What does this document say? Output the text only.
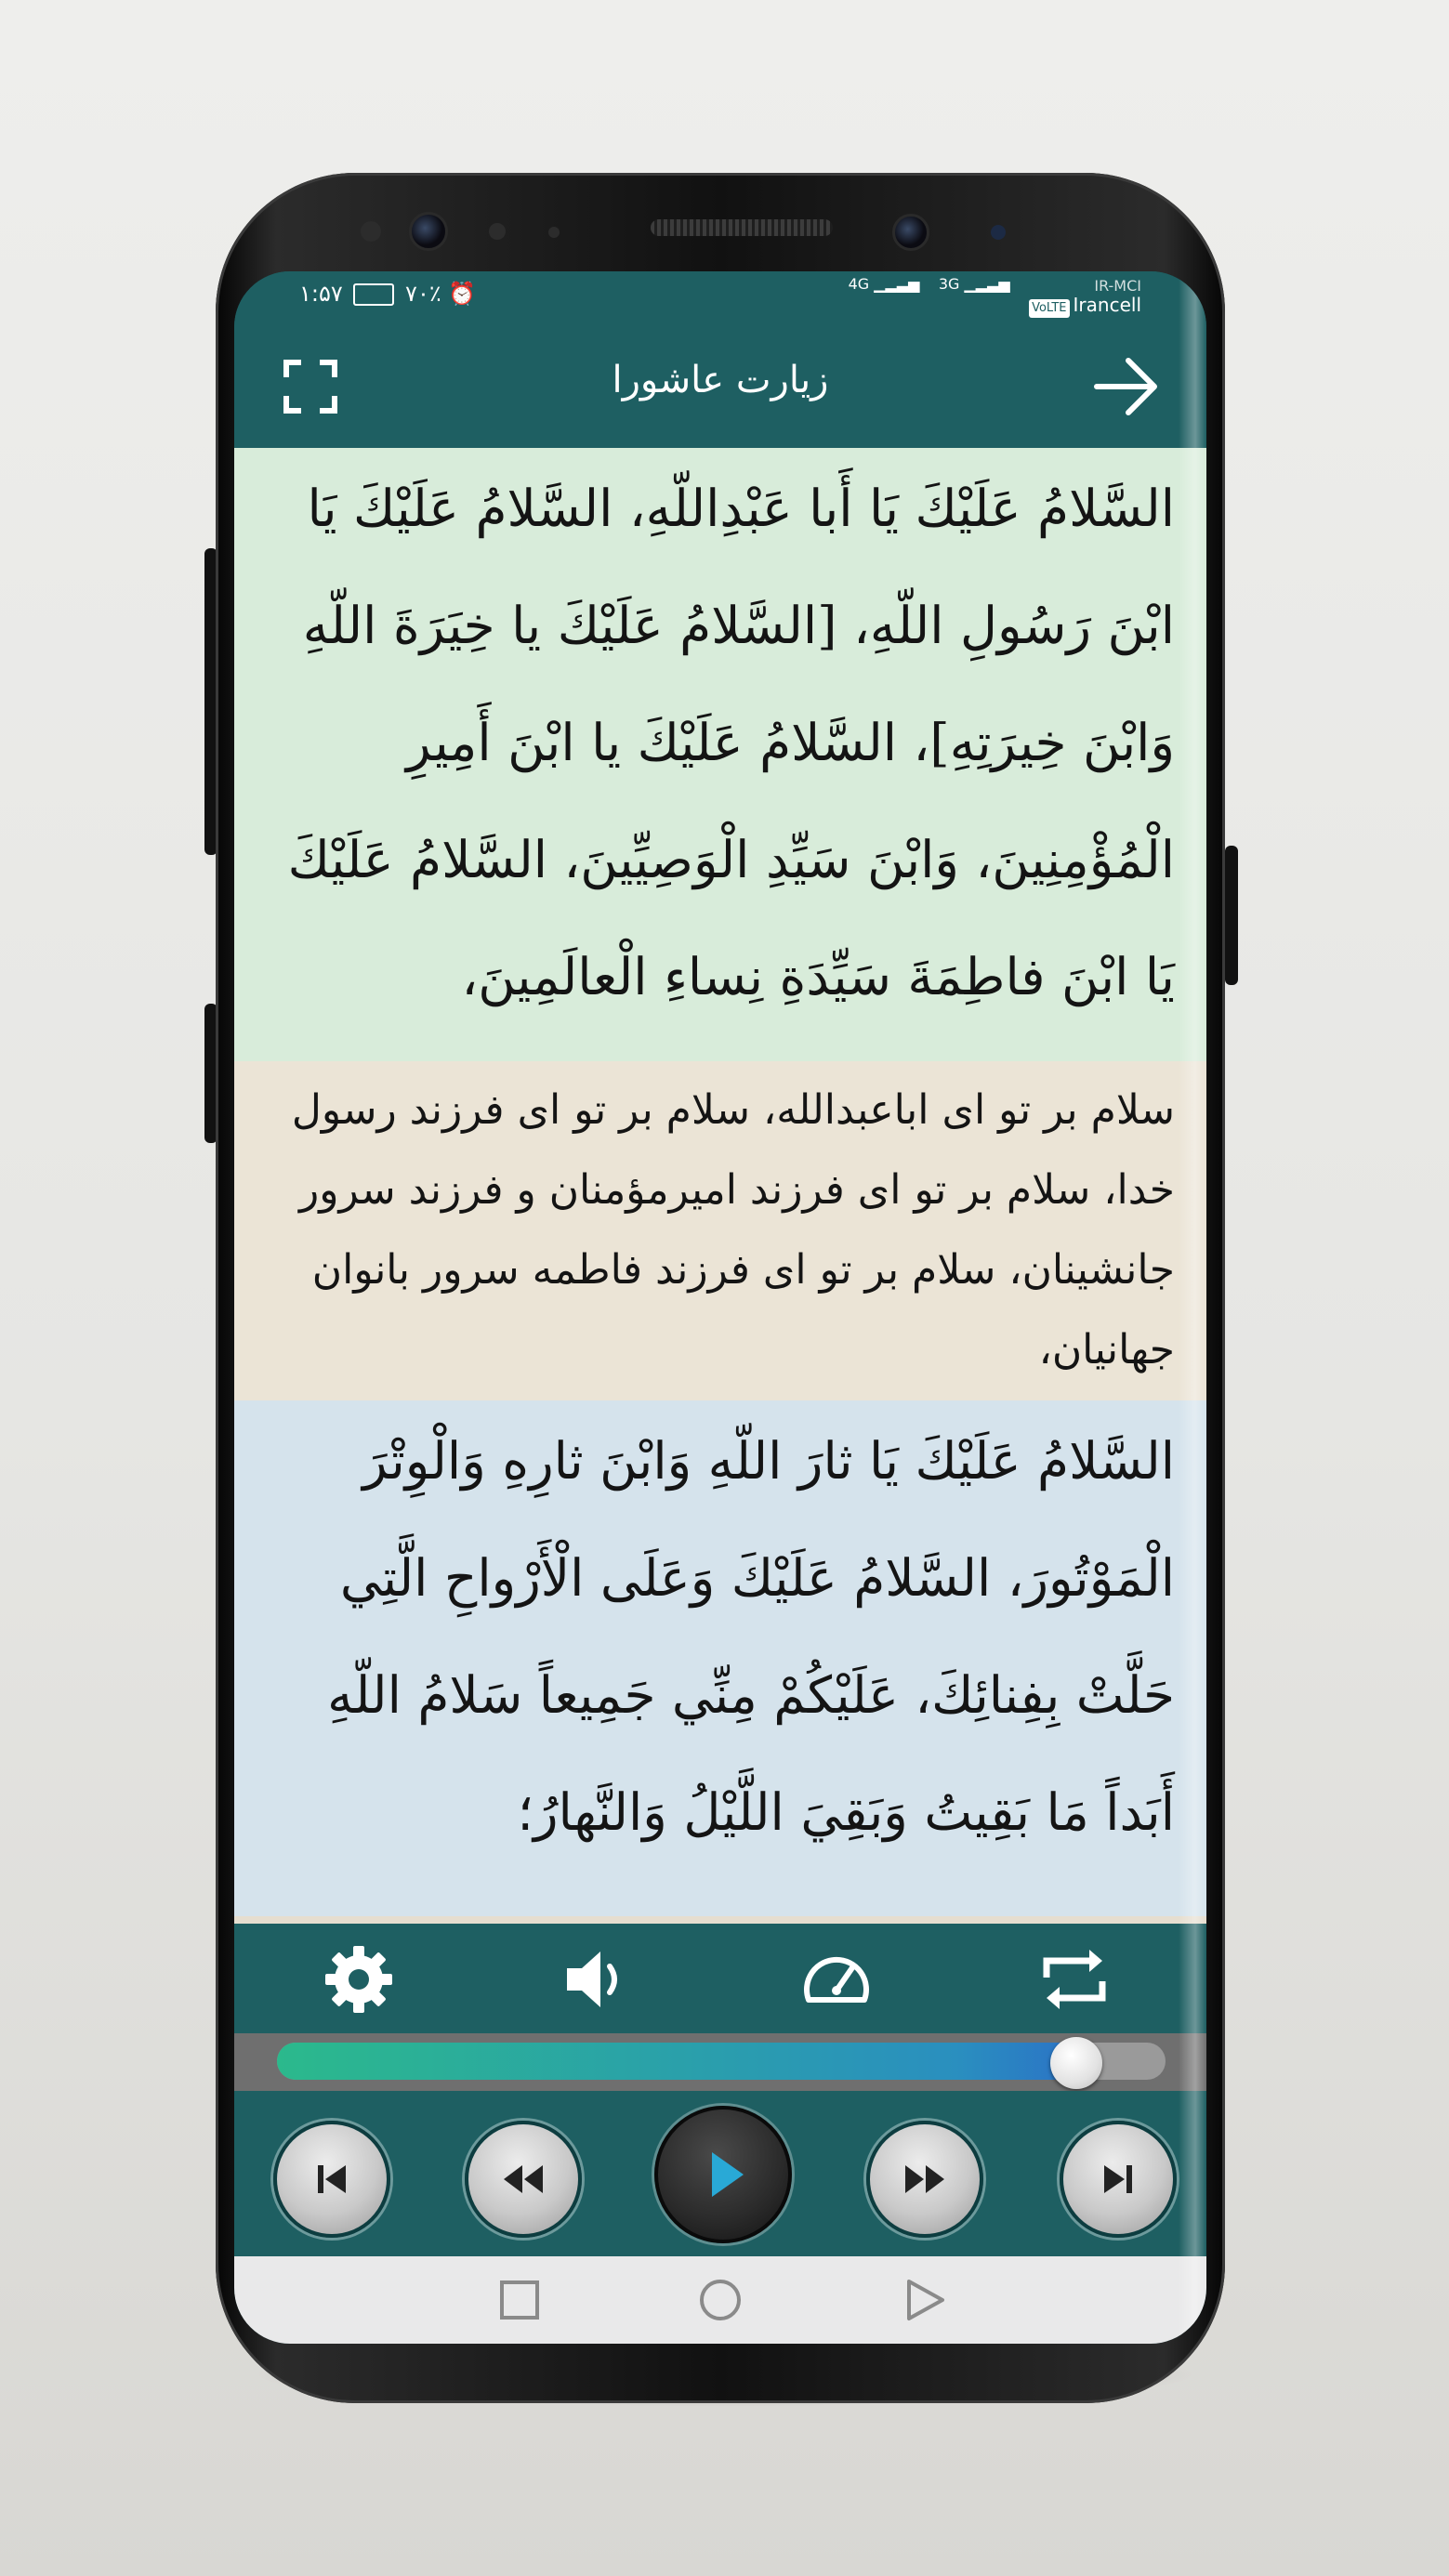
۱:۵۷	۷۰٪ ⏰	4G ▁▂▃▅ 3G ▁▂▃▅	IR-MCI
VoLTE Irancell
زیارت عاشورا
السَّلامُ عَلَيْكَ يَا أَبا عَبْدِاللّهِ، السَّلامُ عَلَيْكَ يَا ابْنَ رَسُولِ اللّهِ، [السَّلامُ عَلَيْكَ يا خِيَرَةَ اللّهِ وَابْنَ خِيرَتِهِ]، السَّلامُ عَلَيْكَ يا ابْنَ أَمِيرِ الْمُؤْمِنِينَ، وَابْنَ سَيِّدِ الْوَصِيِّينَ، السَّلامُ عَلَيْكَ يَا ابْنَ فاطِمَةَ سَيِّدَةِ نِساءِ الْعالَمِينَ،
سلام بر تو ای اباعبدالله، سلام بر تو ای فرزند رسول خدا، سلام بر تو ای فرزند امیرمؤمنان و فرزند سرور جانشینان، سلام بر تو ای فرزند فاطمه سرور بانوان جهانیان،
السَّلامُ عَلَيْكَ يَا ثارَ اللّهِ وَابْنَ ثارِهِ وَالْوِتْرَ الْمَوْتُورَ، السَّلامُ عَلَيْكَ وَعَلَى الْأَرْواحِ الَّتِي حَلَّتْ بِفِنائِكَ، عَلَيْكُمْ مِنِّي جَمِيعاً سَلامُ اللّهِ أَبَداً مَا بَقِيتُ وَبَقِيَ اللَّيْلُ وَالنَّهارُ؛
